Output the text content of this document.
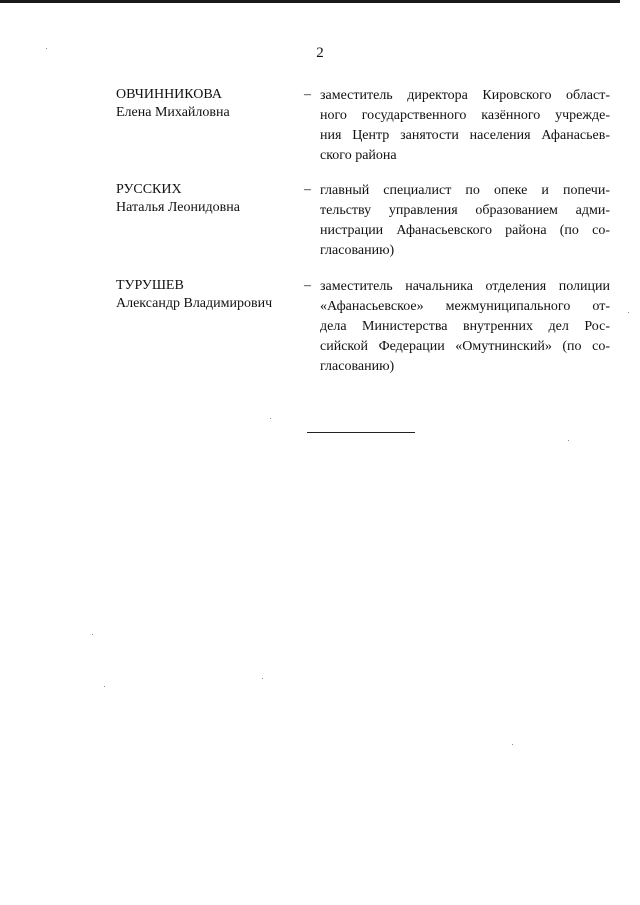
2
ОВЧИННИКОВА
Елена Михайловна
– заместитель директора Кировского област-
ного государственного казённого учрежде-
ния Центр занятости населения Афанасьев-
ского района
РУССКИХ
Наталья Леонидовна
– главный специалист по опеке и попечи-
тельству управления образованием адми-
нистрации Афанасьевского района (по со-
гласованию)
ТУРУШЕВ
Александр Владимирович
– заместитель начальника отделения полиции
«Афанасьевское» межмуниципального от-
дела Министерства внутренних дел Рос-
сийской Федерации «Омутнинский» (по со-
гласованию)
